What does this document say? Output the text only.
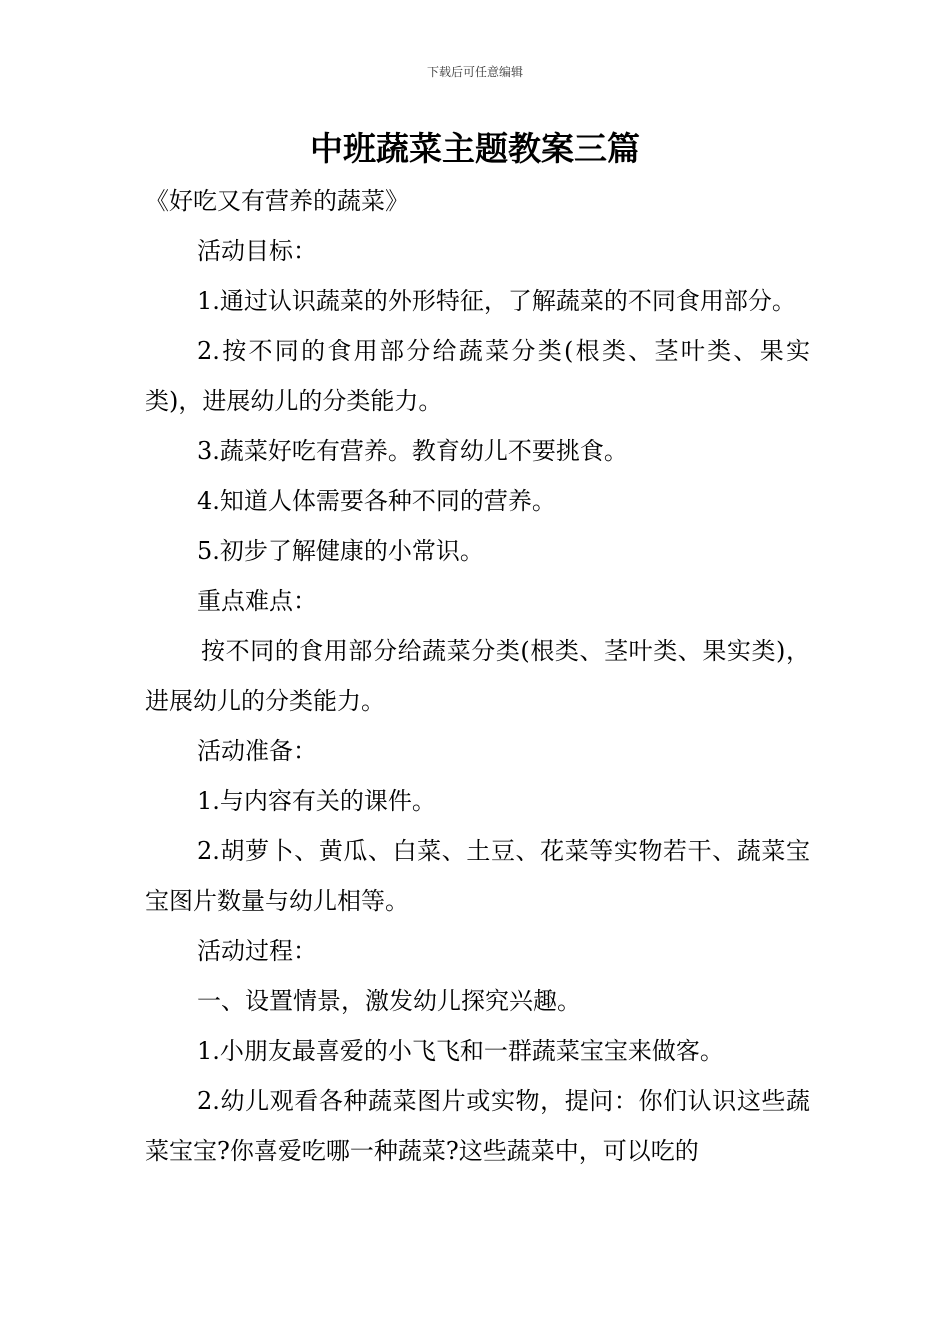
下载后可任意编辑
中班蔬菜主题教案三篇

《好吃又有营养的蔬菜》

活动目标：

1.通过认识蔬菜的外形特征，了解蔬菜的不同食用部分。

2.按不同的食用部分给蔬菜分类(根类、茎叶类、果实类)，进展幼儿的分类能力。

3.蔬菜好吃有营养。教育幼儿不要挑食。

4.知道人体需要各种不同的营养。

5.初步了解健康的小常识。

重点难点：

按不同的食用部分给蔬菜分类(根类、茎叶类、果实类)，进展幼儿的分类能力。

活动准备：

1.与内容有关的课件。

2.胡萝卜、黄瓜、白菜、土豆、花菜等实物若干、蔬菜宝宝图片数量与幼儿相等。

活动过程：

一、设置情景，激发幼儿探究兴趣。

1.小朋友最喜爱的小飞飞和一群蔬菜宝宝来做客。

2.幼儿观看各种蔬菜图片或实物，提问：你们认识这些蔬菜宝宝?你喜爱吃哪一种蔬菜?这些蔬菜中，可以吃的
